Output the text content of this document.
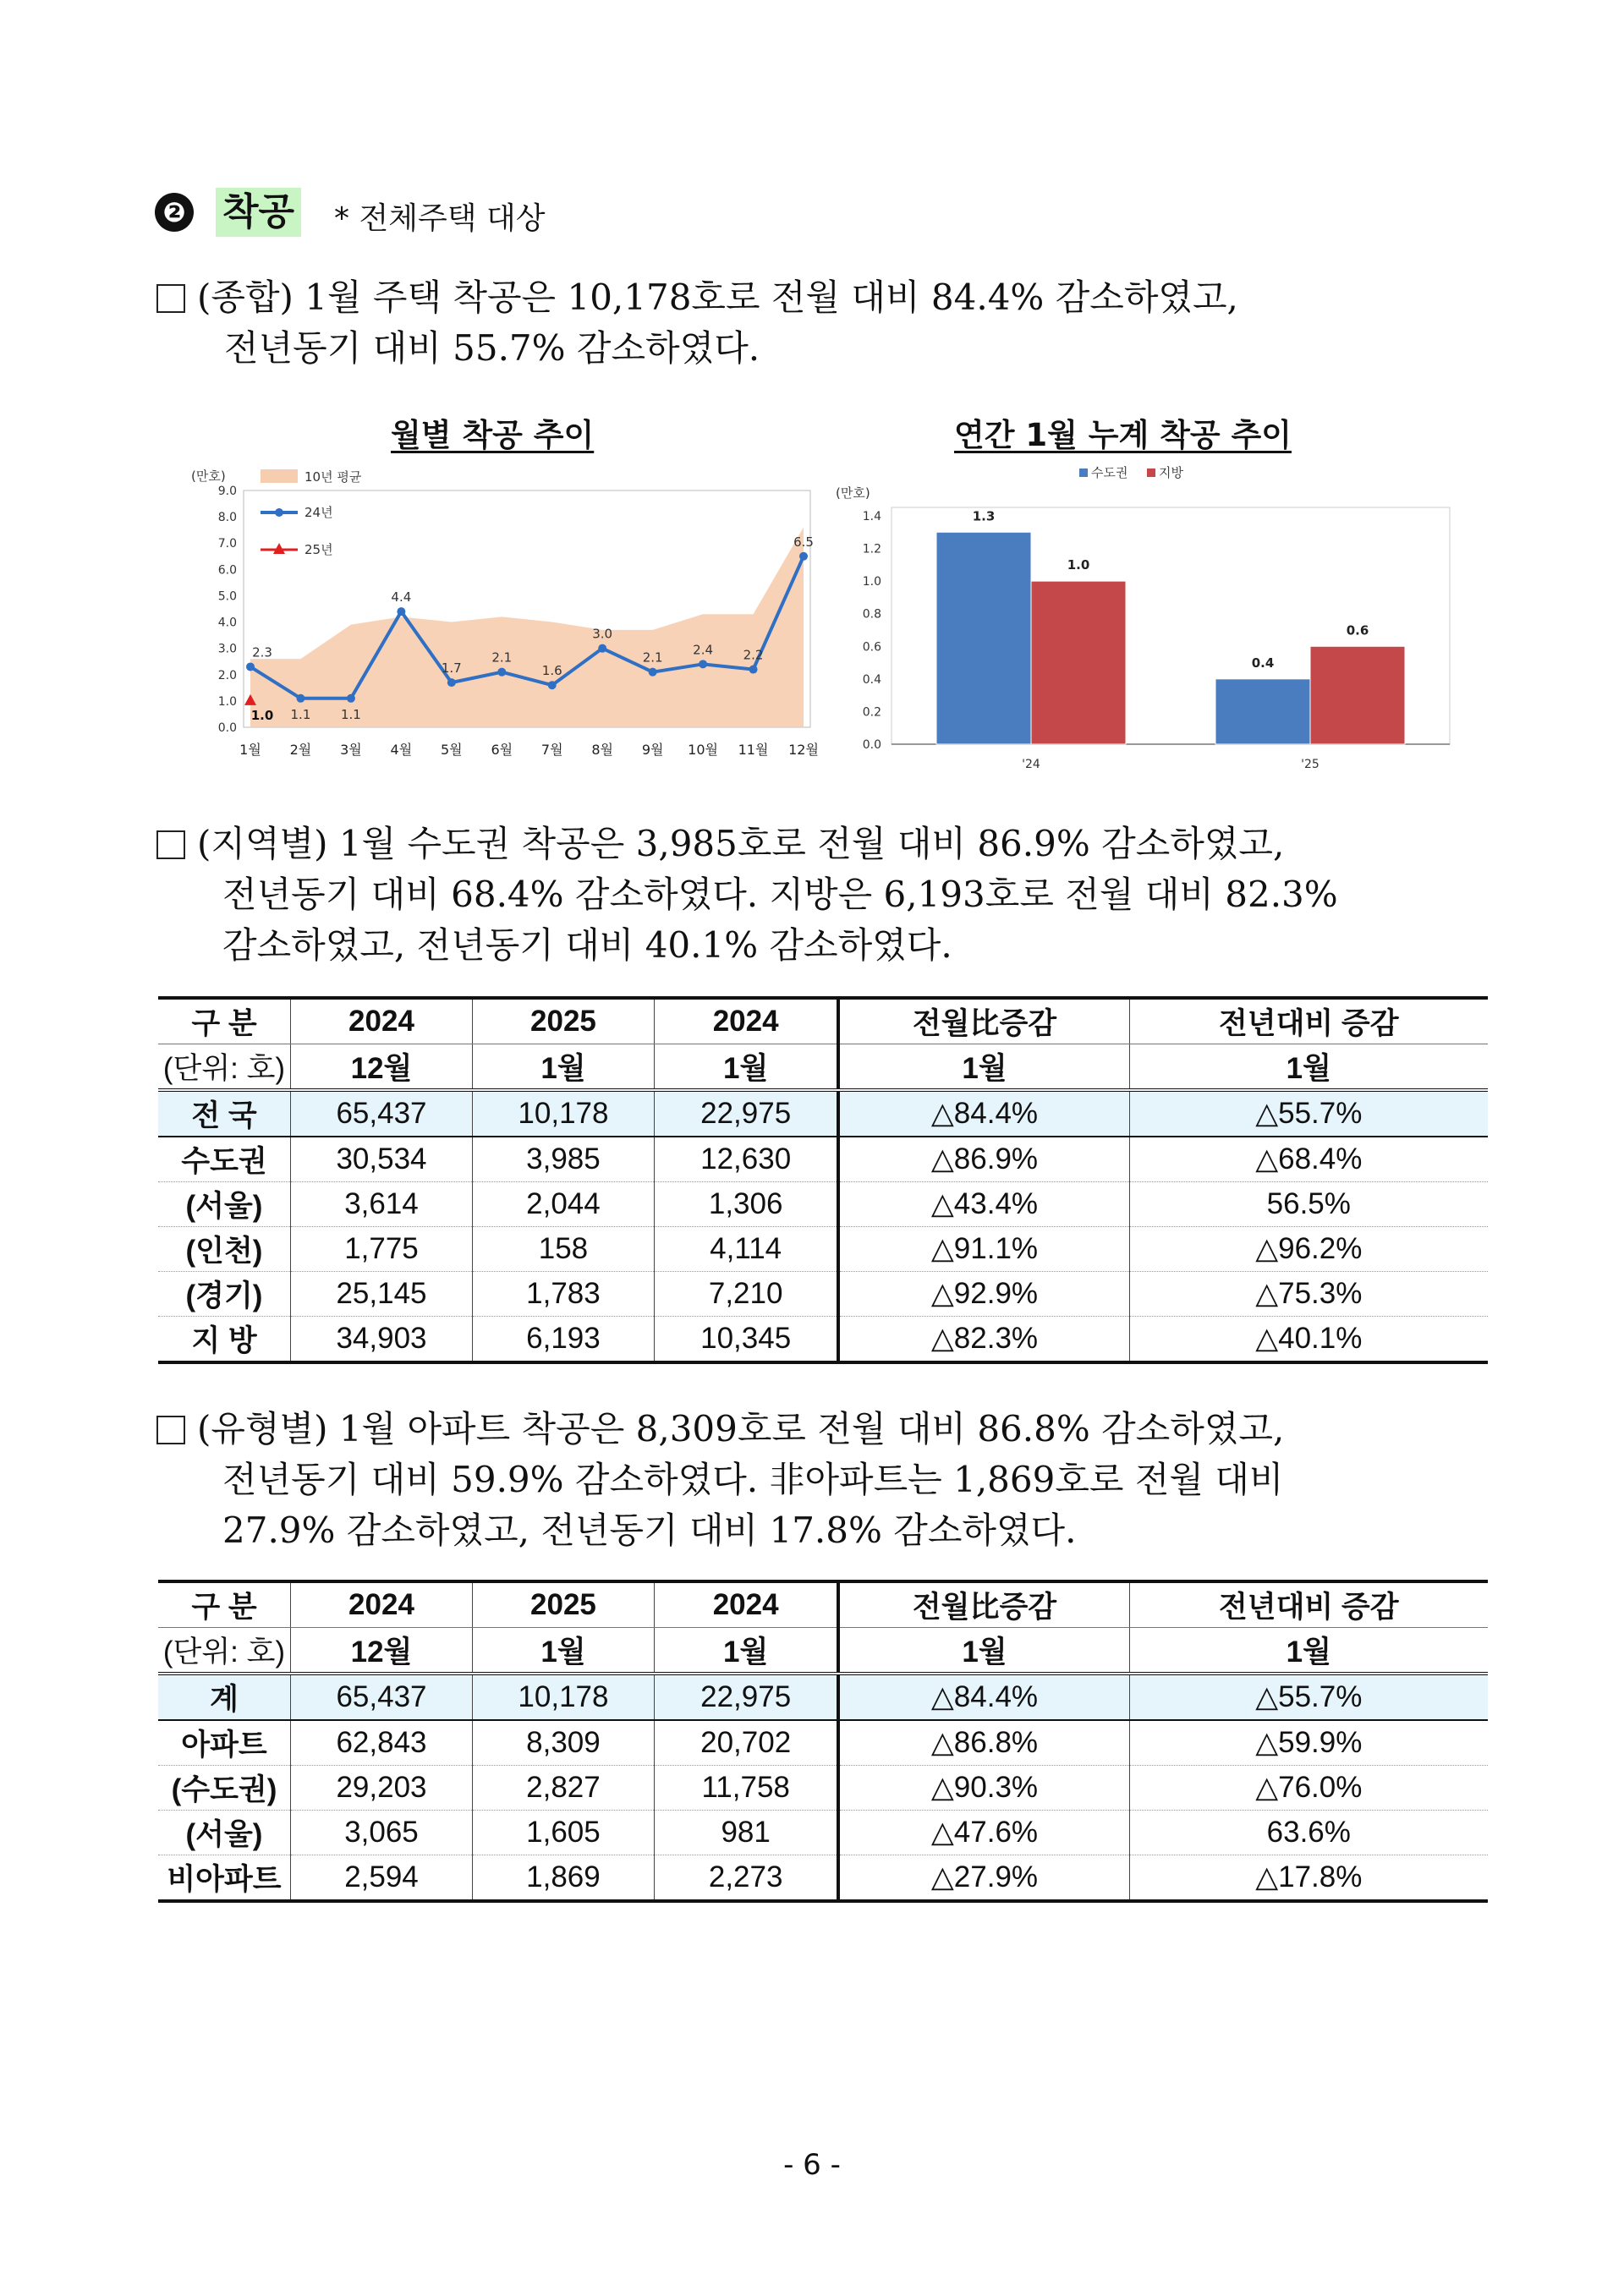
❷ 착공 * 전체주택 대상
(종합) 1월 주택 착공은 10,178호로 전월 대비 84.4% 감소하였고,
전년동기 대비 55.7% 감소하였다.
월별 착공 추이	연간 1월 누계 착공 추이
(만호)
0.0
1.0
2.0
3.0
4.0
5.0
6.0
7.0
8.0
9.0
1월 2월 3월 4월 5월 6월 7월 8월 9월 10월 11월 12월
2.3
1.1 1.1
4.4
1.7
2.1
1.6
3.0
2.1
2.4 2.2
6.5
1.0
10년 평균
24년
25년
(만호)
0.0
0.2
0.4
0.6
0.8
1.0
1.2
1.4	1.3
1.0
'24
0.4
0.6
'25
수도권 지방
(지역별) 1월 수도권 착공은 3,985호로 전월 대비 86.9% 감소하였고,
전년동기 대비 68.4% 감소하였다. 지방은 6,193호로 전월 대비 82.3%
감소하였고, 전년동기 대비 40.1% 감소하였다.
구 분	2024	2025	2024	전월比증감	전년대비 증감
(단위: 호)	12월	1월	1월	1월	1월
전 국	65,437	10,178	22,975	△84.4%	△55.7%
수도권	30,534	3,985	12,630	△86.9%	△68.4%
(서울)	3,614	2,044	1,306	△43.4%	56.5%
(인천)	1,775	158	4,114	△91.1%	△96.2%
(경기)	25,145	1,783	7,210	△92.9%	△75.3%
지 방	34,903	6,193	10,345	△82.3%	△40.1%
(유형별) 1월 아파트 착공은 8,309호로 전월 대비 86.8% 감소하였고,
전년동기 대비 59.9% 감소하였다. 非아파트는 1,869호로 전월 대비
27.9% 감소하였고, 전년동기 대비 17.8% 감소하였다.
구 분	2024	2025	2024	전월比증감	전년대비 증감
(단위: 호)	12월	1월	1월	1월	1월
계	65,437	10,178	22,975	△84.4%	△55.7%
아파트	62,843	8,309	20,702	△86.8%	△59.9%
(수도권)	29,203	2,827	11,758	△90.3%	△76.0%
(서울)	3,065	1,605	981	△47.6%	63.6%
비아파트	2,594	1,869	2,273	△27.9%	△17.8%
- 6 -
